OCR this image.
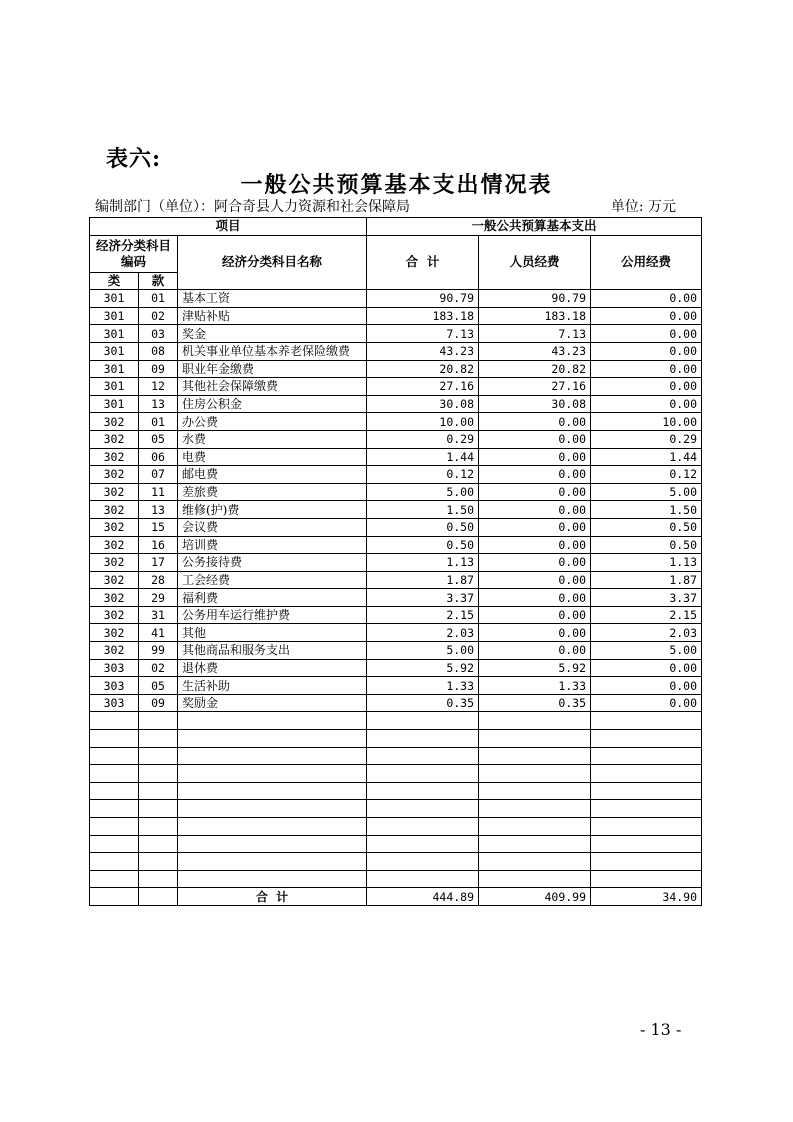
表六:
一般公共预算基本支出情况表
编制部门（单位）：阿合奇县人力资源和社会保障局	单位: 万元
项目			一般公共预算基本支出		
经济分类科目编码		经济分类科目名称	合  计	人员经费	公用经费
类	款				
301	01	基本工资	90.79	90.79	0.00
301	02	津贴补贴	183.18	183.18	0.00
301	03	奖金	7.13	7.13	0.00
301	08	机关事业单位基本养老保险缴费	43.23	43.23	0.00
301	09	职业年金缴费	20.82	20.82	0.00
301	12	其他社会保障缴费	27.16	27.16	0.00
301	13	住房公积金	30.08	30.08	0.00
302	01	办公费	10.00	0.00	10.00
302	05	水费	0.29	0.00	0.29
302	06	电费	1.44	0.00	1.44
302	07	邮电费	0.12	0.00	0.12
302	11	差旅费	5.00	0.00	5.00
302	13	维修(护)费	1.50	0.00	1.50
302	15	会议费	0.50	0.00	0.50
302	16	培训费	0.50	0.00	0.50
302	17	公务接待费	1.13	0.00	1.13
302	28	工会经费	1.87	0.00	1.87
302	29	福利费	3.37	0.00	3.37
302	31	公务用车运行维护费	2.15	0.00	2.15
302	41	其他	2.03	0.00	2.03
302	99	其他商品和服务支出	5.00	0.00	5.00
303	02	退休费	5.92	5.92	0.00
303	05	生活补助	1.33	1.33	0.00
303	09	奖励金	0.35	0.35	0.00

		合  计	444.89	409.99	34.90
- 13 -
